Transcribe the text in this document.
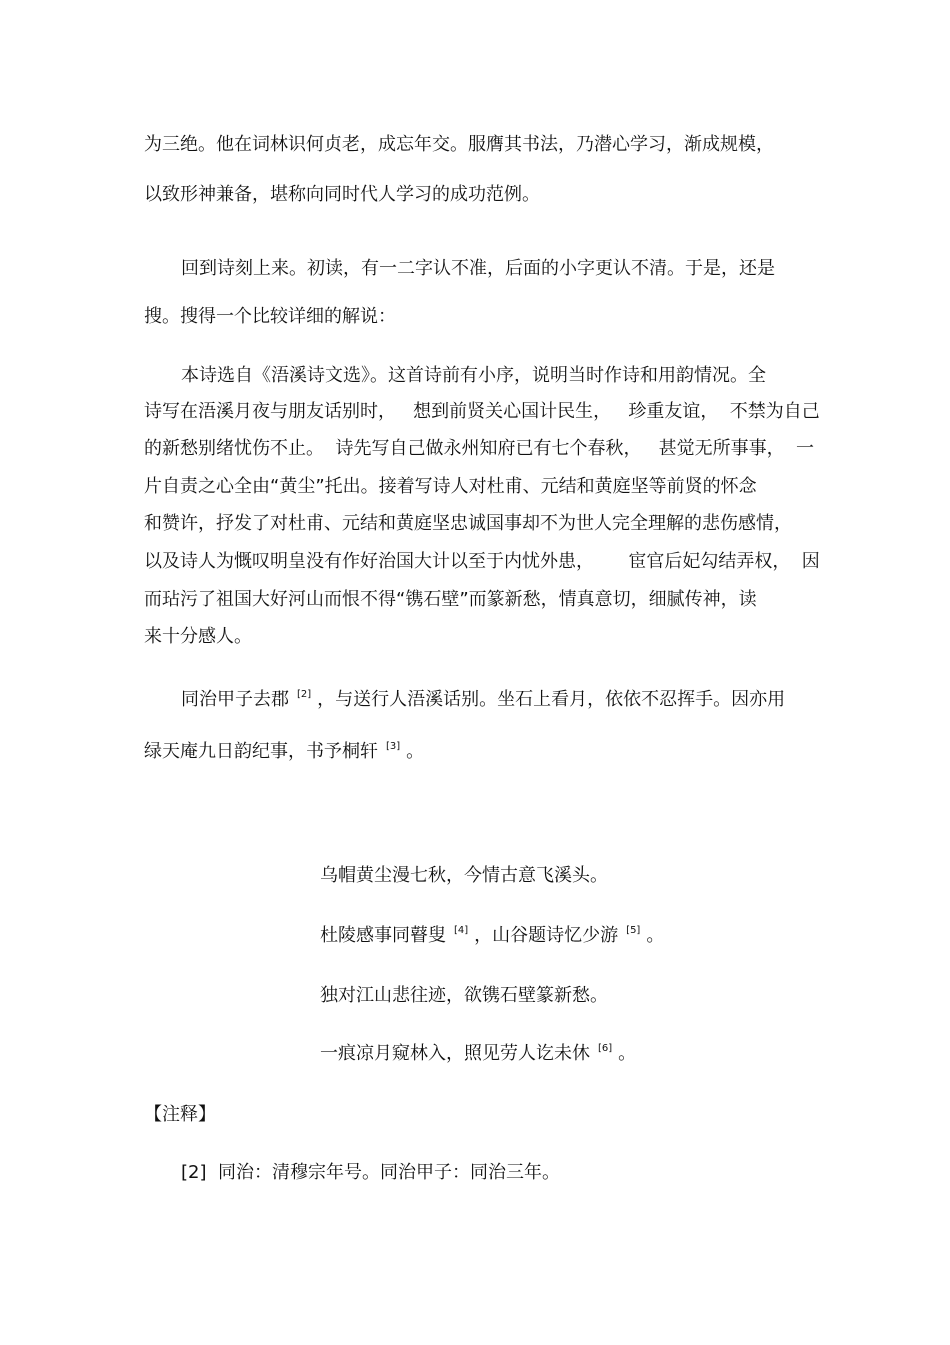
为三绝。他在词林识何贞老，成忘年交。服膺其书法，乃潜心学习，渐成规模，

以致形神兼备，堪称向同时代人学习的成功范例。

回到诗刻上来。初读，有一二字认不准，后面的小字更认不清。于是，还是

搜。搜得一个比较详细的解说：

本诗选自《浯溪诗文选》。这首诗前有小序，说明当时作诗和用韵情况。全

诗写在浯溪月夜与朋友话别时，   想到前贤关心国计民生，   珍重友谊，  不禁为自己

的新愁别绪忧伤不止。  诗先写自己做永州知府已有七个春秋，   甚觉无所事事，  一

片自责之心全由“黄尘”托出。接着写诗人对杜甫、元结和黄庭坚等前贤的怀念

和赞许，抒发了对杜甫、元结和黄庭坚忠诚国事却不为世人完全理解的悲伤感情，

以及诗人为慨叹明皇没有作好治国大计以至于内忧外患，      宦官后妃勾结弄权，  因

而玷污了祖国大好河山而恨不得“镌石壁”而篆新愁，情真意切，细腻传神，读

来十分感人。

同治甲子去郡 [2] ，与送行人浯溪话别。坐石上看月，依依不忍挥手。因亦用

绿天庵九日韵纪事，书予桐轩 [3] 。

乌帽黄尘漫七秋，今情古意飞溪头。

杜陵感事同瞽叟 [4] ，山谷题诗忆少游 [5] 。

独对江山悲往迹，欲镌石壁篆新愁。

一痕凉月窥林入，照见劳人讫未休 [6] 。

【注释】

[2]  同治：清穆宗年号。同治甲子：同治三年。
